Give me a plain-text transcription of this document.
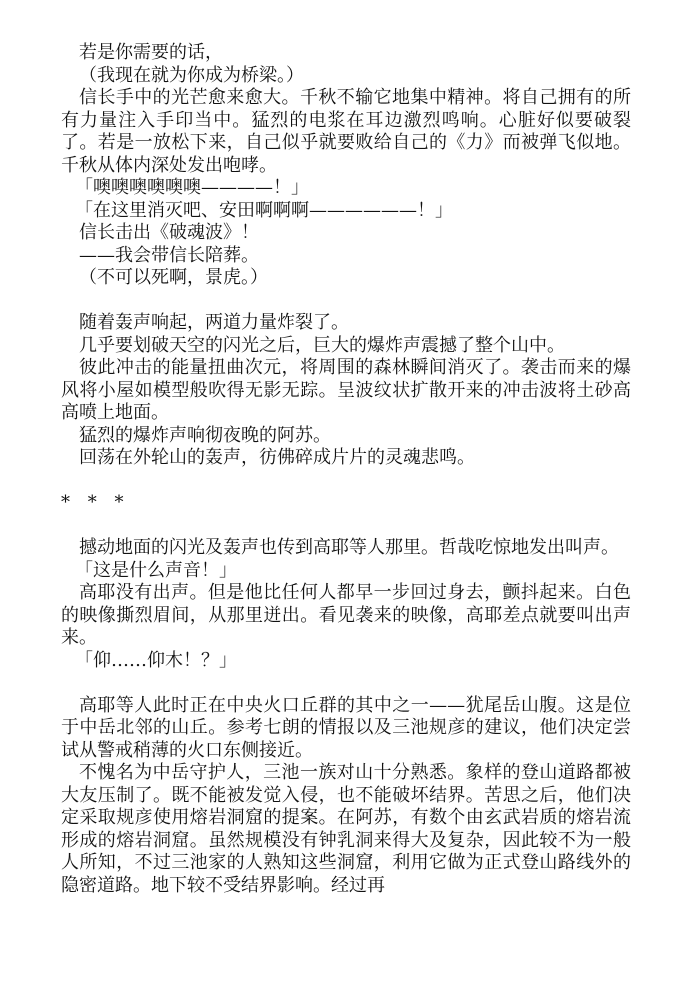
若是你需要的话，

（我现在就为你成为桥梁。）

信长手中的光芒愈来愈大。千秋不输它地集中精神。将自己拥有的所有力量注入手印当中。猛烈的电浆在耳边激烈鸣响。心脏好似要破裂了。若是一放松下来，自己似乎就要败给自己的《力》而被弹飞似地。千秋从体内深处发出咆哮。

「噢噢噢噢噢噢————！」

「在这里消灭吧、安田啊啊啊——————！」

信长击出《破魂波》！

——我会带信长陪葬。

（不可以死啊，景虎。）

随着轰声响起，两道力量炸裂了。

几乎要划破天空的闪光之后，巨大的爆炸声震撼了整个山中。

彼此冲击的能量扭曲次元，将周围的森林瞬间消灭了。袭击而来的爆风将小屋如模型般吹得无影无踪。呈波纹状扩散开来的冲击波将土砂高高喷上地面。

猛烈的爆炸声响彻夜晚的阿苏。

回荡在外轮山的轰声，彷佛碎成片片的灵魂悲鸣。

* * *

撼动地面的闪光及轰声也传到高耶等人那里。哲哉吃惊地发出叫声。

「这是什么声音！」

高耶没有出声。但是他比任何人都早一步回过身去，颤抖起来。白色的映像撕烈眉间，从那里迸出。看见袭来的映像，高耶差点就要叫出声来。

「仰……仰木！？」

高耶等人此时正在中央火口丘群的其中之一——犹尾岳山腹。这是位于中岳北邻的山丘。参考七朗的情报以及三池规彦的建议，他们决定尝试从警戒稍薄的火口东侧接近。

不愧名为中岳守护人，三池一族对山十分熟悉。象样的登山道路都被大友压制了。既不能被发觉入侵，也不能破坏结界。苦思之后，他们决定采取规彦使用熔岩洞窟的提案。在阿苏，有数个由玄武岩质的熔岩流形成的熔岩洞窟。虽然规模没有钟乳洞来得大及复杂，因此较不为一般人所知，不过三池家的人熟知这些洞窟，利用它做为正式登山路线外的隐密道路。地下较不受结界影响。经过再
